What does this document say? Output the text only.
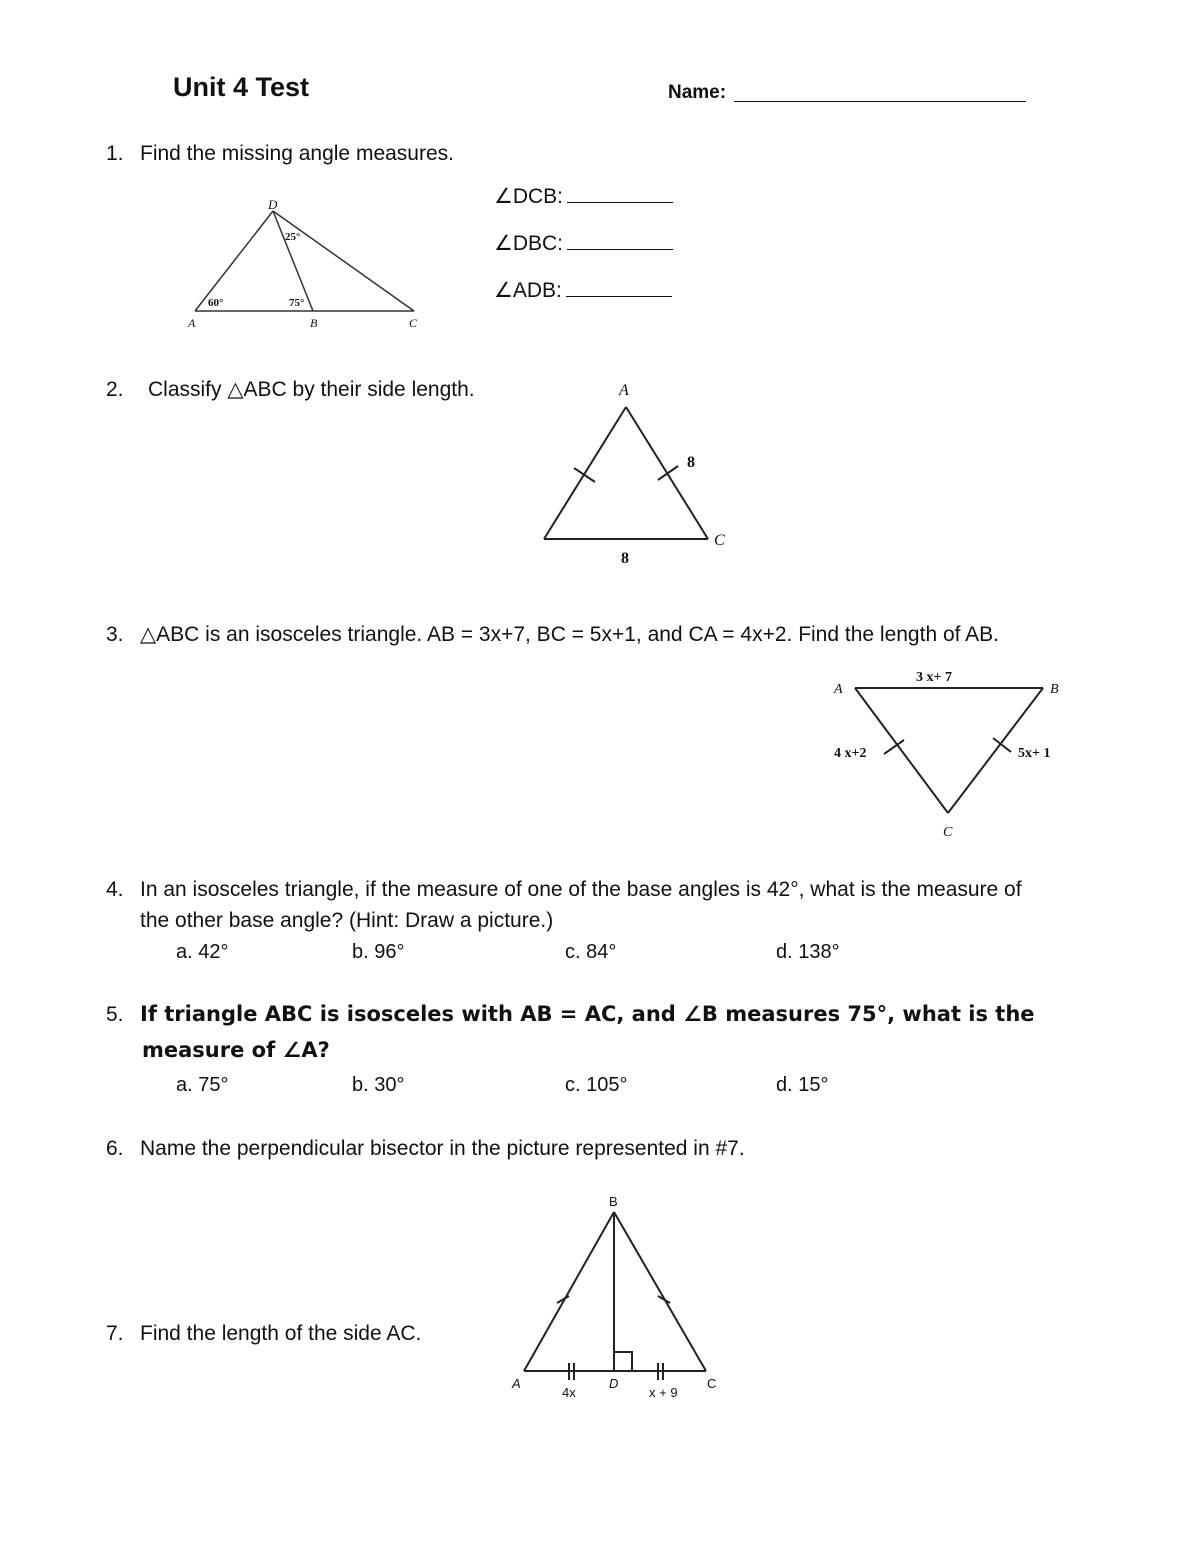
Unit 4 Test	Name:
1. Find the missing angle measures.
∠DCB:
∠DBC:
∠ADB:
D
A	B	C
25°
60°	75°
2. Classify △ABC by their side length.	A
C
8
8
3. △ABC is an isosceles triangle. AB = 3x+7, BC = 5x+1, and CA = 4x+2. Find the length of AB.
A	B
C
3 x+ 7
4 x+2	5x+ 1
4. In an isosceles triangle, if the measure of one of the base angles is 42°, what is the measure of
the other base angle? (Hint: Draw a picture.)
a. 42°	b. 96°	c. 84°	d. 138°
5. If triangle ABC is isosceles with AB = AC, and ∠B measures 75°, what is the
measure of ∠A?
a. 75°	b. 30°	c. 105°	d. 15°
6. Name the perpendicular bisector in the picture represented in #7.
7. Find the length of the side AC.
B
A	D	C
4x	x + 9
